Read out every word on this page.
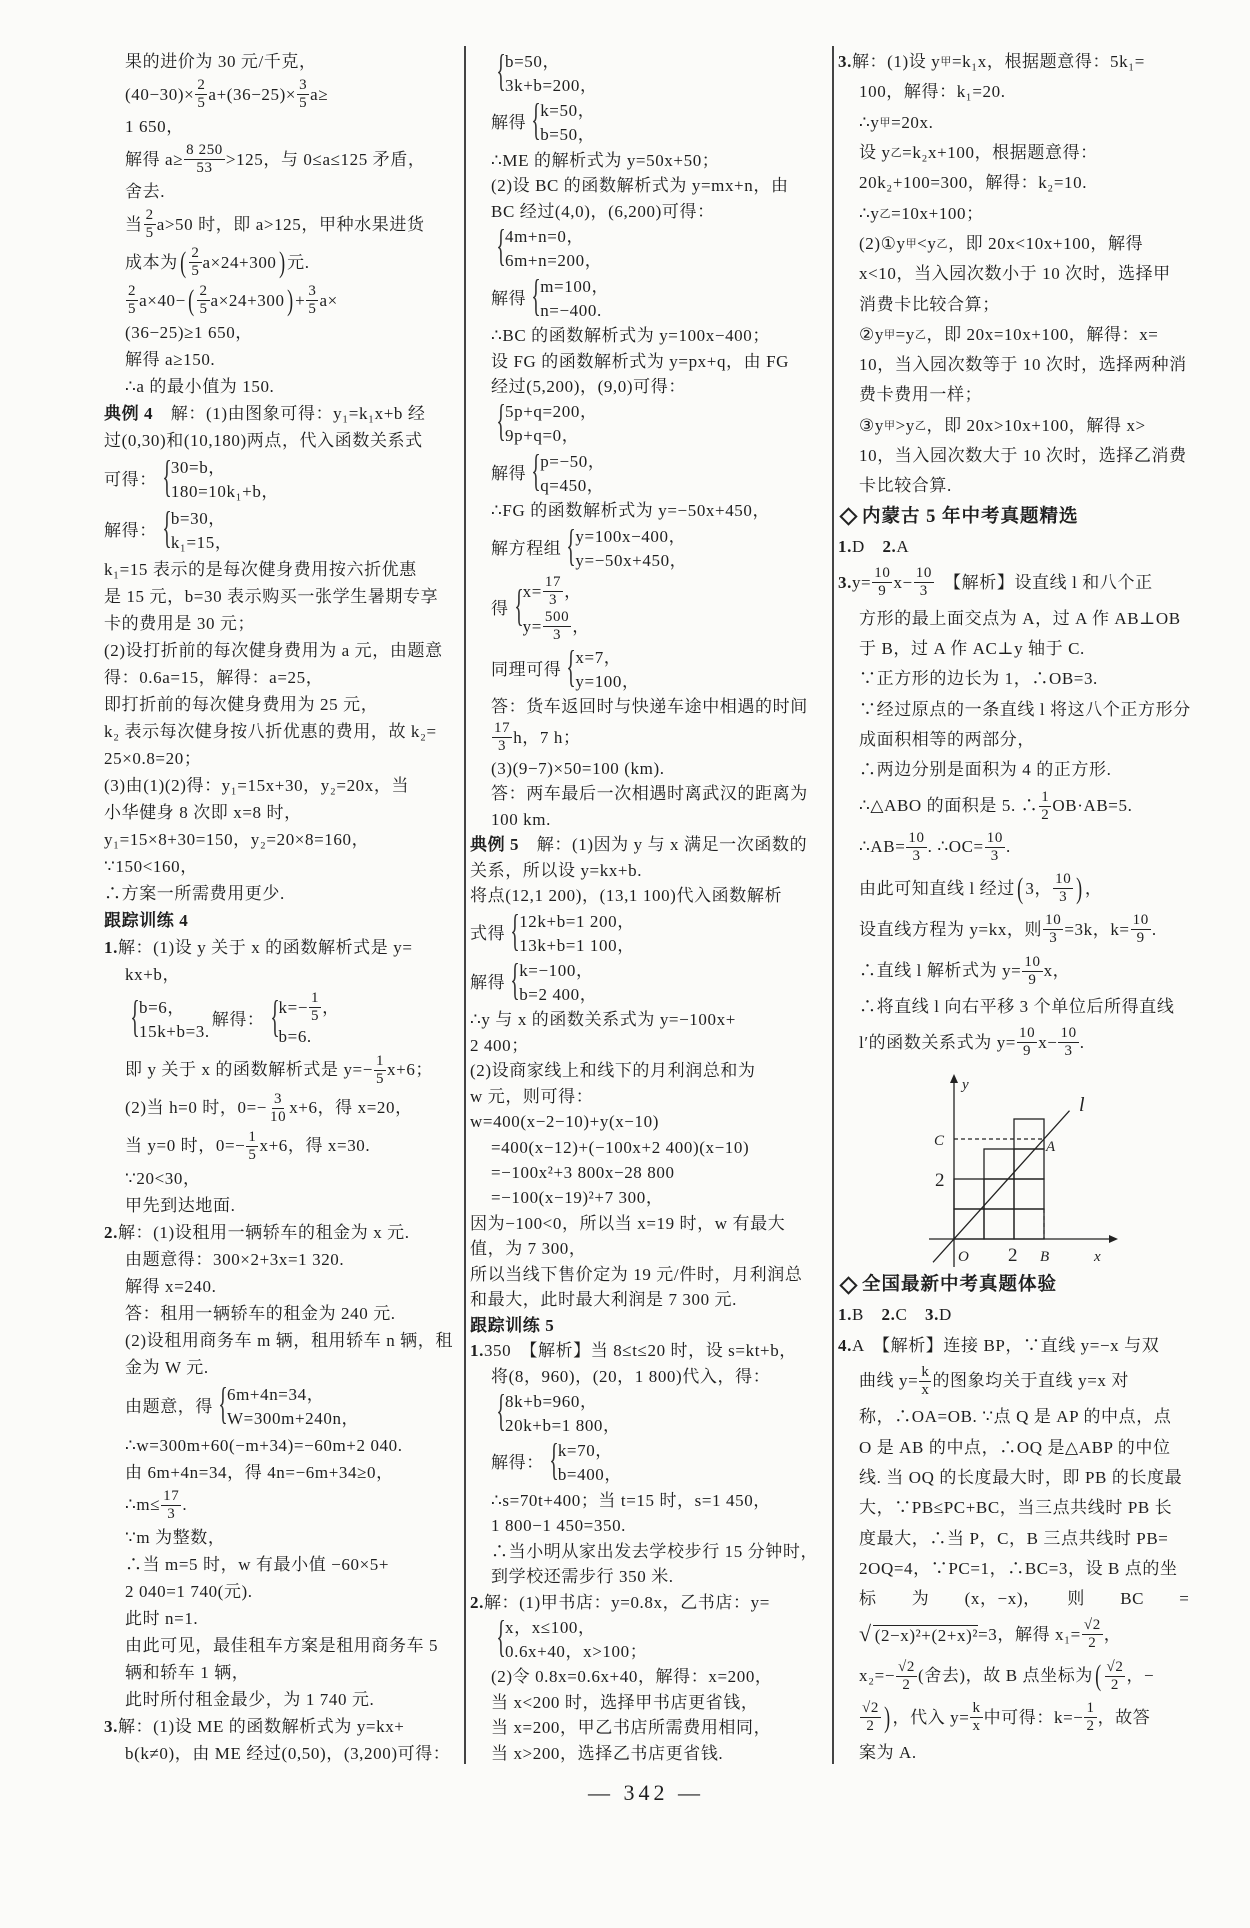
果的进价为 30 元/千克，
$(40-30)\times \frac{2}{5} a+(36-25)\times \frac{3}{5} a\ge$
1 650，
解得 $a\ge \frac{8 250}{53} >125$，与 0≤a≤125 矛盾，
舍去.
当 $\frac{2}{5} a>50$ 时，即 a>125，甲种水果进货
成本为 ( $\frac{2}{5} a\times 24+300$ ) 元.
$\frac{2}{5} a\times 40-$ ( $\frac{2}{5} a\times 24+300$ ) + $\frac{3}{5} a\times$
(36−25)≥1 650，
解得 a≥150.
∴a 的最小值为 150.
典例 4 　解：(1)由图象可得：y₁=k₁x+b 经
过(0,30)和(10,180)两点，代入函数关系式
可得： {
30=b，
180=10k₁+b，
解得： {
b=30，
k₁=15，
k₁=15 表示的是每次健身费用按六折优惠
是 15 元，b=30 表示购买一张学生暑期专享
卡的费用是 30 元；
(2)设打折前的每次健身费用为 a 元，由题意
得：0.6a=15，解得：a=25，
即打折前的每次健身费用为 25 元，
k₂ 表示每次健身按八折优惠的费用，故 k₂=
25×0.8=20；
(3)由(1)(2)得：y₁=15x+30，y₂=20x，当
小华健身 8 次即 x=8 时，
y₁=15×8+30=150，y₂=20×8=160，
∵150<160，
∴方案一所需费用更少.
跟踪训练 4
1. 解：(1)设 y 关于 x 的函数解析式是 y=
kx+b，
{
b=6，
15k+b=3.
解得： {
$k=- \frac{1}{5}$ ，
b=6.
即 y 关于 x 的函数解析式是 $y=- \frac{1}{5} x+6$；
(2)当 h=0 时，$0=- \frac{3}{10} x+6$，得 x=20，
当 y=0 时，$0=- \frac{1}{5} x+6$，得 x=30.
∵20<30，
甲先到达地面.
2. 解：(1)设租用一辆轿车的租金为 x 元.
由题意得：300×2+3x=1 320.
解得 x=240.
答：租用一辆轿车的租金为 240 元.
(2)设租用商务车 m 辆，租用轿车 n 辆，租
金为 W 元.
由题意，得 {
6m+4n=34，
W=300m+240n，
∴w=300m+60(−m+34)=−60m+2 040.
由 6m+4n=34，得 4n=−6m+34≥0，
∴m≤ $\frac{17}{3}$ .
∵m 为整数，
∴当 m=5 时，w 有最小值 −60×5+
2 040=1 740(元).
此时 n=1.
由此可见，最佳租车方案是租用商务车 5
辆和轿车 1 辆，
此时所付租金最少，为 1 740 元.
3. 解：(1)设 ME 的函数解析式为 y=kx+
b(k≠0)，由 ME 经过(0,50)，(3,200)可得：
{
b=50，
3k+b=200，
解得 {
k=50，
b=50，
∴ME 的解析式为 y=50x+50；
(2)设 BC 的函数解析式为 y=mx+n，由
BC 经过(4,0)，(6,200)可得：
{
4m+n=0，
6m+n=200，
解得 {
m=100，
n=−400.
∴BC 的函数解析式为 y=100x−400；
设 FG 的函数解析式为 y=px+q，由 FG
经过(5,200)，(9,0)可得：
{
5p+q=200，
9p+q=0，
解得 {
p=−50，
q=450，
∴FG 的函数解析式为 y=−50x+450，
解方程组 {
y=100x−400，
y=−50x+450，
得 {
$x= \frac{17}{3}$ ，
$y= \frac{500}{3}$ ，
同理可得 {
x=7，
y=100，
答：货车返回时与快递车途中相遇的时间
$\frac{17}{3}$ h，7 h；
(3)(9−7)×50=100 (km).
答：两车最后一次相遇时离武汉的距离为
100 km.
典例 5 　解：(1)因为 y 与 x 满足一次函数的
关系，所以设 y=kx+b.
将点(12,1 200)，(13,1 100)代入函数解析
式得 {
12k+b=1 200，
13k+b=1 100，
解得 {
k=−100，
b=2 400，
∴y 与 x 的函数关系式为 y=−100x+
2 400；
(2)设商家线上和线下的月利润总和为
w 元，则可得：
w=400(x−2−10)+y(x−10)
=400(x−12)+(−100x+2 400)(x−10)
=−100x²+3 800x−28 800
=−100(x−19)²+7 300，
因为−100<0，所以当 x=19 时，w 有最大
值，为 7 300，
所以当线下售价定为 19 元/件时，月利润总
和最大，此时最大利润是 7 300 元.
跟踪训练 5
1. 350　【解析】当 8≤t≤20 时，设 s=kt+b，
将(8，960)，(20，1 800)代入，得：
{
8k+b=960，
20k+b=1 800，
解得： {
k=70，
b=400，
∴s=70t+400；当 t=15 时，s=1 450，
1 800−1 450=350.
∴当小明从家出发去学校步行 15 分钟时，
到学校还需步行 350 米.
2. 解：(1)甲书店：y=0.8x，乙书店：y=
{
x，x≤100，
0.6x+40，x>100；
(2)令 0.8x=0.6x+40，解得：x=200，
当 x<200 时，选择甲书店更省钱，
当 x=200，甲乙书店所需费用相同，
当 x>200，选择乙书店更省钱.
3. 解：(1)设 y 甲 =k₁x，根据题意得：5k₁=
100，解得：k₁=20.
∴y 甲 =20x.
设 y 乙 =k₂x+100，根据题意得：
20k₂+100=300，解得：k₂=10.
∴y 乙 =10x+100；
(2)①y 甲 <y 乙 ，即 20x<10x+100，解得
x<10，当入园次数小于 10 次时，选择甲
消费卡比较合算；
②y 甲 =y 乙 ，即 20x=10x+100，解得：x=
10，当入园次数等于 10 次时，选择两种消
费卡费用一样；
③y 甲 >y 乙 ，即 20x>10x+100，解得 x>
10，当入园次数大于 10 次时，选择乙消费
卡比较合算.
内蒙古 5 年中考真题精选
1. D　 2. A
3. $y= \frac{10}{9} x- \frac{10}{3}$ 　【解析】设直线 l 和八个正
方形的最上面交点为 A，过 A 作 AB⊥OB
于 B，过 A 作 AC⊥y 轴于 C.
∵正方形的边长为 1，∴OB=3.
∵经过原点的一条直线 l 将这八个正方形分
成面积相等的两部分，
∴两边分别是面积为 4 的正方形.
∴△ABO 的面积是 5. ∴ $\frac{1}{2} OB\cdot AB=5$.
∴AB= $\frac{10}{3}$ . ∴OC= $\frac{10}{3}$ .
由此可知直线 l 经过 ( 3， $\frac{10}{3}$ ) ，
设直线方程为 y=kx，则 $\frac{10}{3} =3k$，$k= \frac{10}{9}$ .
∴直线 l 解析式为 $y= \frac{10}{9}$ x，
∴将直线 l 向右平移 3 个单位后所得直线
l′的函数关系式为 $y= \frac{10}{9} x- \frac{10}{3}$ .
y
l
C	A
2
O 2 B	x
全国最新中考真题体验
1. B　 2. C　 3. D
4. A　【解析】连接 BP，∵直线 y=−x 与双
曲线 $y= \frac{k}{x}$ 的图象均关于直线 y=x 对
称，∴OA=OB. ∵点 Q 是 AP 的中点，点
O 是 AB 的中点，∴OQ 是△ABP 的中位
线. 当 OQ 的长度最大时，即 PB 的长度最
大，∵PB≤PC+BC，当三点共线时 PB 长
度最大，∴当 P，C，B 三点共线时 PB=
2OQ=4，∵PC=1，∴BC=3，设 B 点的坐
标　　为　　(x，−x)，　　则　　BC　　=
√ (2−x)²+(2+x)² =3，解得 $x_1= \frac{√2}{2}$ ，
$x_2=- \frac{√2}{2}$ (舍去)，故 B 点坐标为 ( $\frac{√2}{2}$ ，−
$\frac{√2}{2}$ ) ，代入 $y= \frac{k}{x}$ 中可得：$k=- \frac{1}{2}$ ，故答
案为 A.
— 342 —
